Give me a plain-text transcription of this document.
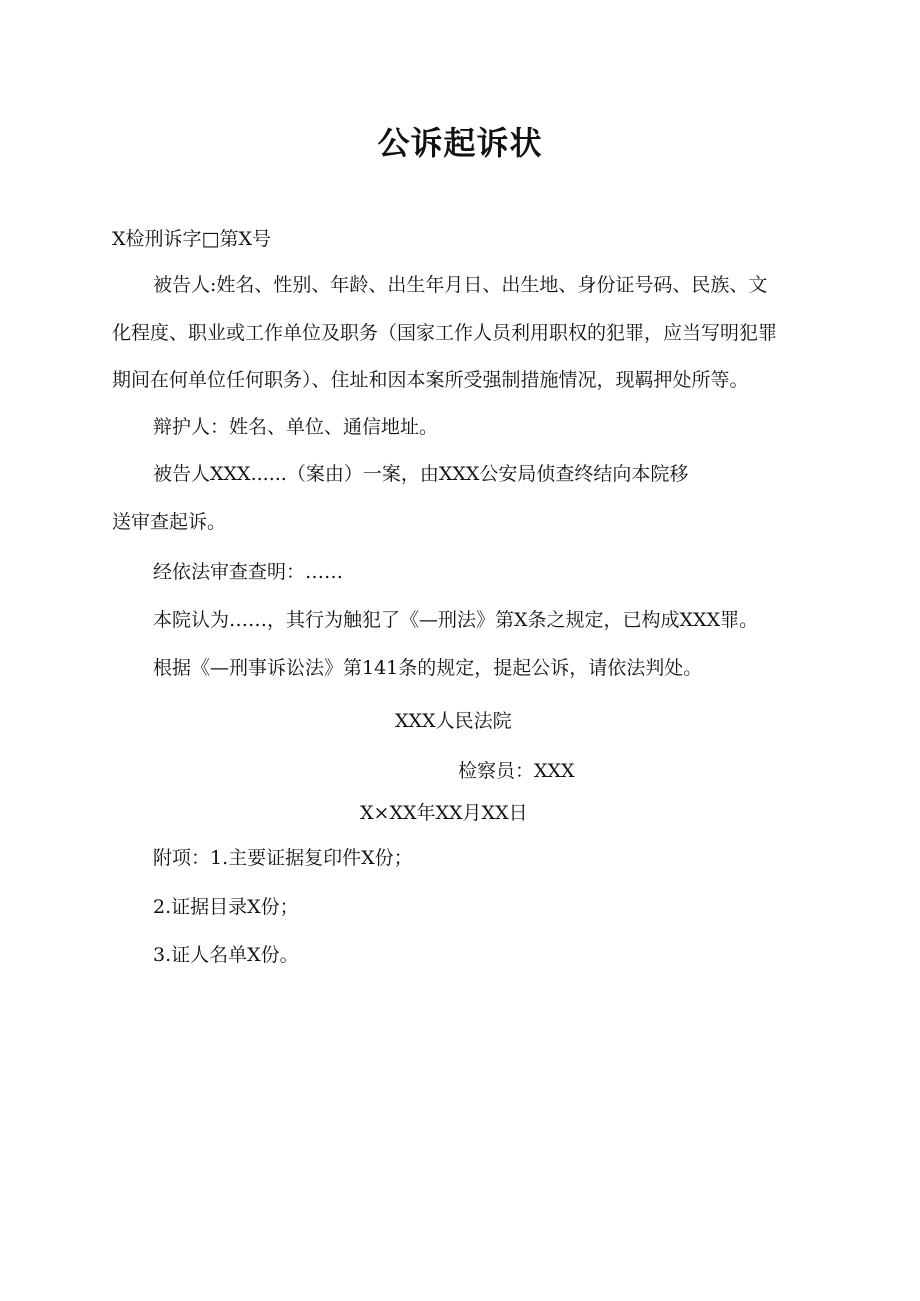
公诉起诉状
X检刑诉字□第X号
被告人:姓名、性别、年龄、出生年月日、出生地、身份证号码、民族、文
化程度、职业或工作单位及职务（国家工作人员利用职权的犯罪，应当写明犯罪
期间在何单位任何职务）、住址和因本案所受强制措施情况，现羁押处所等。
辩护人：姓名、单位、通信地址。
被告人XXX......（案由）一案，由XXX公安局侦查终结向本院移
送审查起诉。
经依法审查查明：……
本院认为……，其行为触犯了《—刑法》第X条之规定，已构成XXX罪。
根据《—刑事诉讼法》第141条的规定，提起公诉，请依法判处。
XXX人民法院
检察员：XXX
X×XX年XX月XX日
附项：1.主要证据复印件X份；
2.证据目录X份；
3.证人名单X份。
